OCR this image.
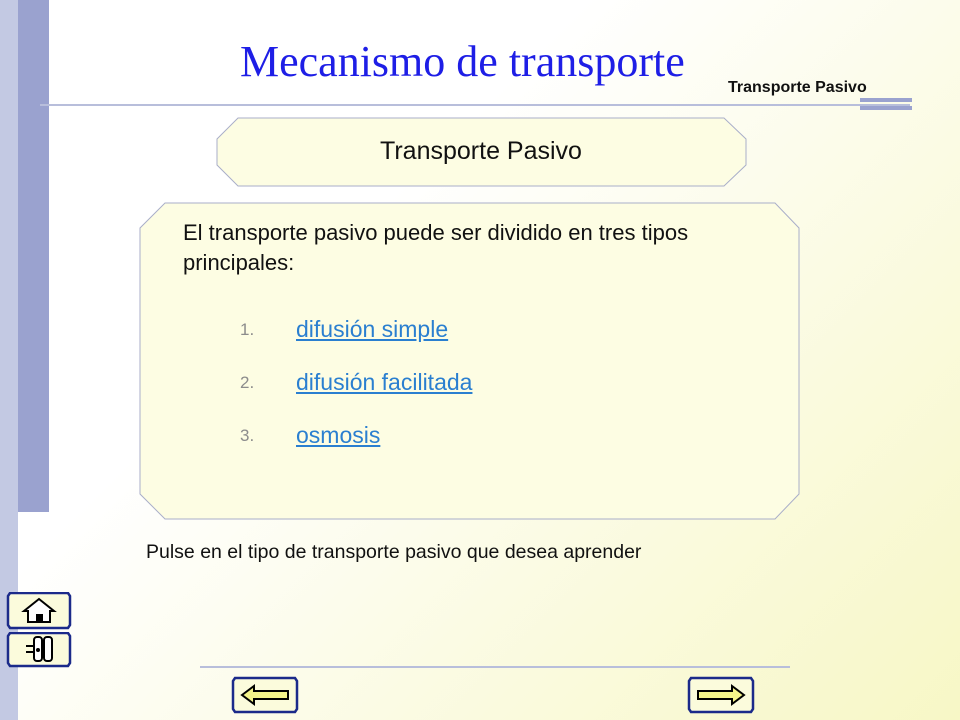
Mecanismo de transporte
Transporte Pasivo
Transporte Pasivo
El transporte pasivo puede ser dividido en tres tipos principales:
1.	difusión simple
2.	difusión facilitada
3.	osmosis
Pulse en el tipo de transporte pasivo que desea aprender
